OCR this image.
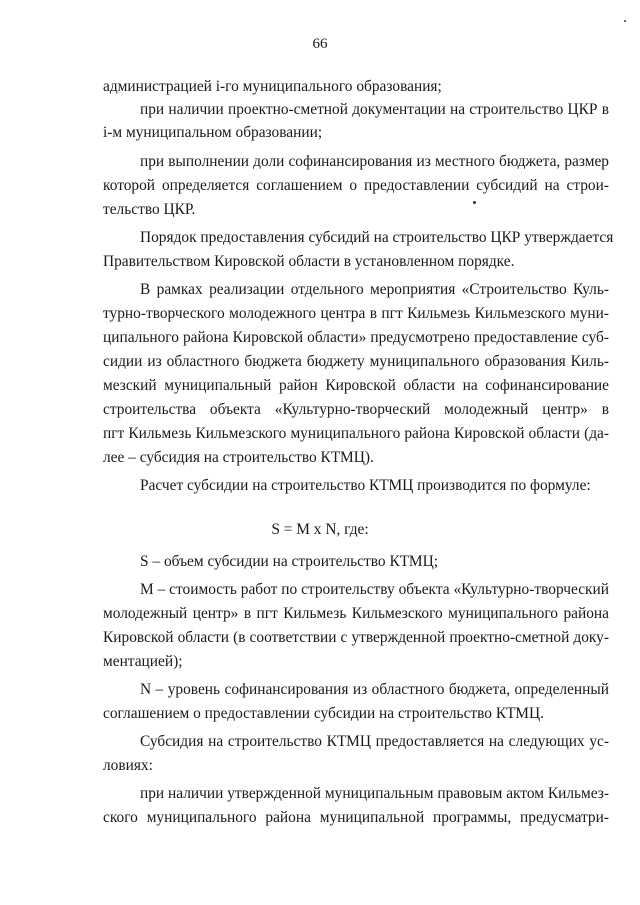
66
администрацией i-го муниципального образования;
при наличии проектно-сметной документации на строительство ЦКР в
i-м муниципальном образовании;
при выполнении доли софинансирования из местного бюджета, размер
которой определяется соглашением о предоставлении субсидий на строи-
тельство ЦКР.
Порядок предоставления субсидий на строительство ЦКР утверждается
Правительством Кировской области в установленном порядке.
В рамках реализации отдельного мероприятия «Строительство Куль-
турно-творческого молодежного центра в пгт Кильмезь Кильмезского муни-
ципального района Кировской области» предусмотрено предоставление суб-
сидии из областного бюджета бюджету муниципального образования Киль-
мезский муниципальный район Кировской области на софинансирование
строительства объекта «Культурно-творческий молодежный центр» в
пгт Кильмезь Кильмезского муниципального района Кировской области (да-
лее – субсидия на строительство КТМЦ).
Расчет субсидии на строительство КТМЦ производится по формуле:
S – объем субсидии на строительство КТМЦ;
M – стоимость работ по строительству объекта «Культурно-творческий
молодежный центр» в пгт Кильмезь Кильмезского муниципального района
Кировской области (в соответствии с утвержденной проектно-сметной доку-
ментацией);
N – уровень софинансирования из областного бюджета, определенный
соглашением о предоставлении субсидии на строительство КТМЦ.
Субсидия на строительство КТМЦ предоставляется на следующих ус-
ловиях:
при наличии утвержденной муниципальным правовым актом Кильмез-
ского муниципального района муниципальной программы, предусматри-
S = M x N, где:
